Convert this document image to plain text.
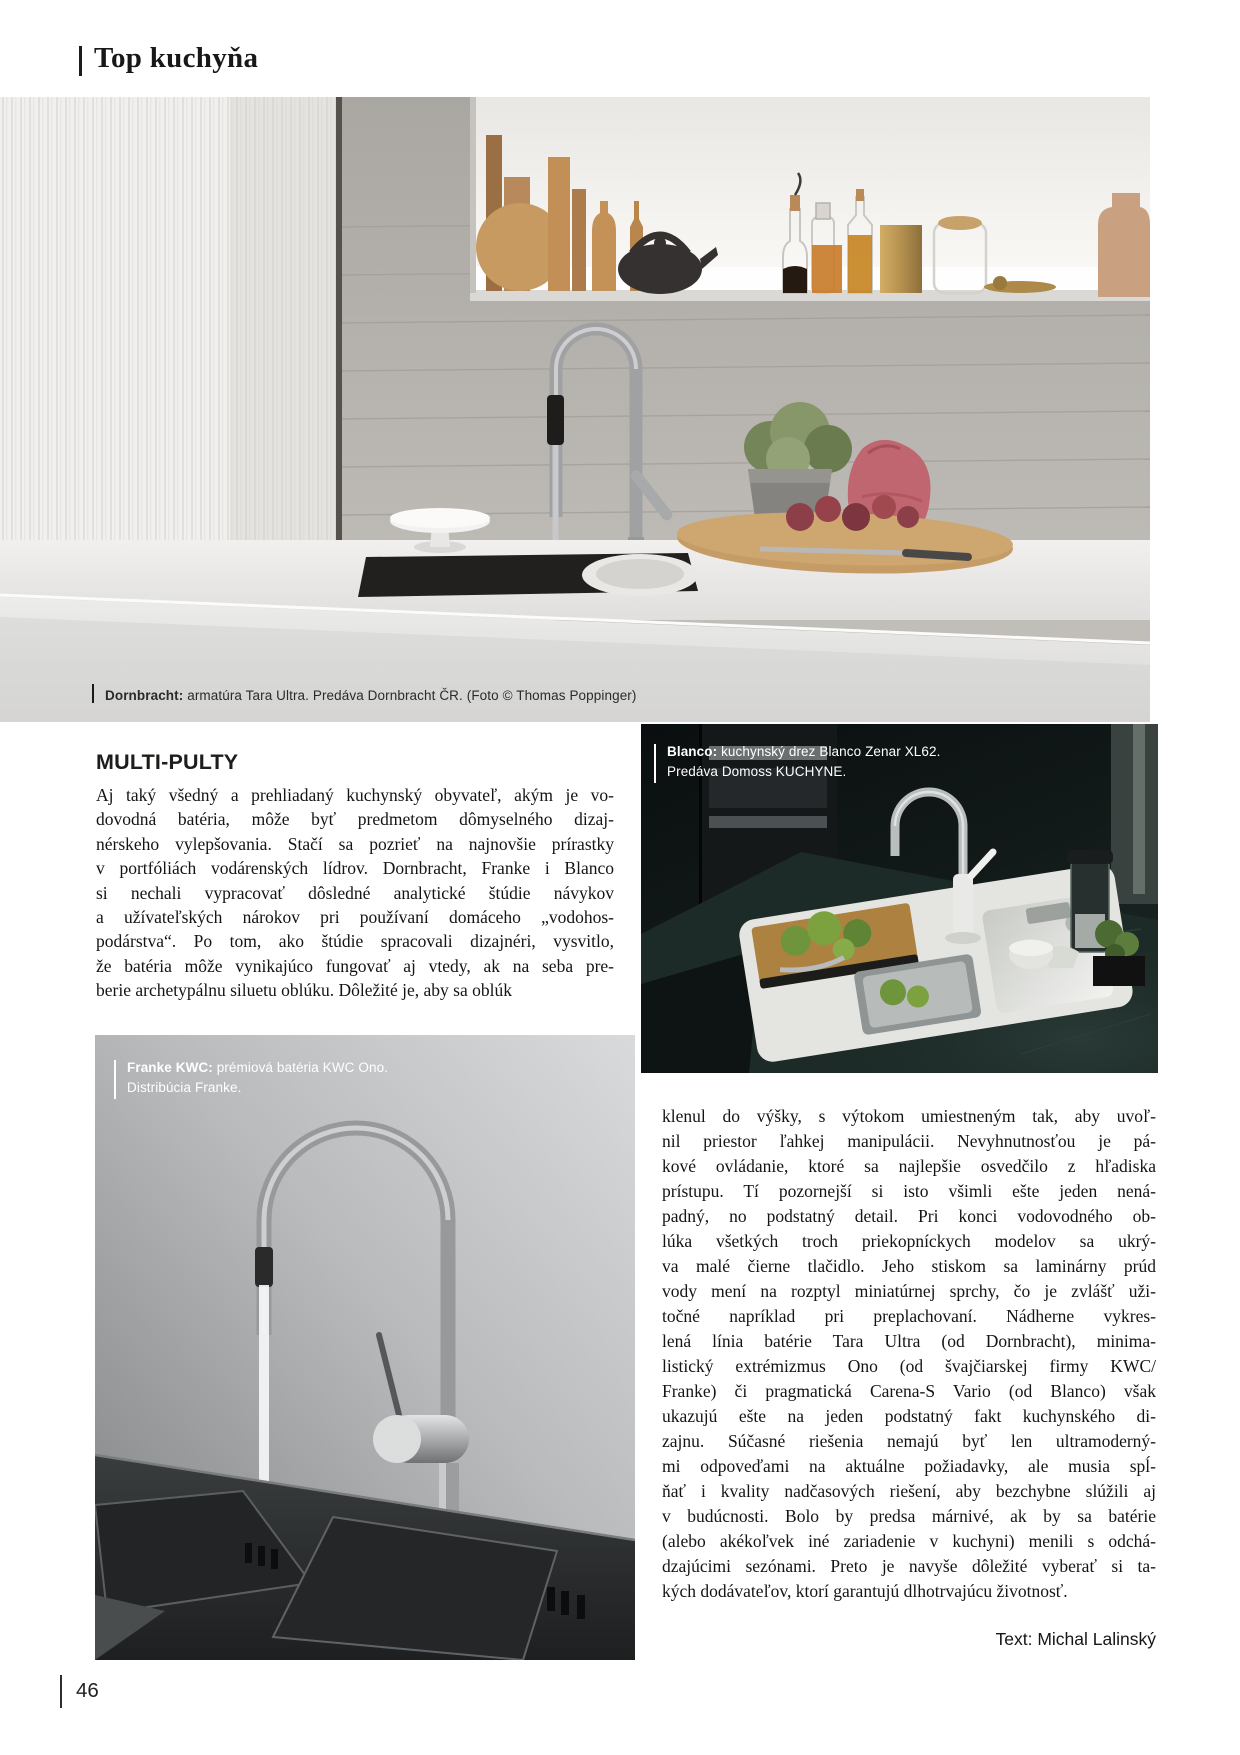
Top kuchyňa
Dornbracht: armatúra Tara Ultra. Predáva Dornbracht ČR. (Foto © Thomas Poppinger)
Blanco: kuchynský drez Blanco Zenar XL62.
Predáva Domoss KUCHYNE.
MULTI-PULTY
Aj taký všedný a prehliadaný kuchynský obyvateľ, akým je vo-
dovodná batéria, môže byť predmetom dômyselného dizaj-
nérskeho vylepšovania. Stačí sa pozrieť na najnovšie prírastky
v portfóliách vodárenských lídrov. Dornbracht, Franke i Blanco
si nechali vypracovať dôsledné analytické štúdie návykov
a užívateľských nárokov pri používaní domáceho „vodohos-
podárstva“. Po tom, ako štúdie spracovali dizajnéri, vysvitlo,
že batéria môže vynikajúco fungovať aj vtedy, ak na seba pre-
berie archetypálnu siluetu oblúku. Dôležité je, aby sa oblúk
Franke KWC: prémiová batéria KWC Ono.
Distribúcia Franke.
klenul do výšky, s výtokom umiestneným tak, aby uvoľ-
nil priestor ľahkej manipulácii. Nevyhnutnosťou je pá-
kové ovládanie, ktoré sa najlepšie osvedčilo z hľadiska
prístupu. Tí pozornejší si isto všimli ešte jeden nená-
padný, no podstatný detail. Pri konci vodovodného ob-
lúka všetkých troch priekopníckych modelov sa ukrý-
va malé čierne tlačidlo. Jeho stiskom sa laminárny prúd
vody mení na rozptyl miniatúrnej sprchy, čo je zvlášť uži-
točné napríklad pri preplachovaní. Nádherne vykres-
lená línia batérie Tara Ultra (od Dornbracht), minima-
listický extrémizmus Ono (od švajčiarskej firmy KWC/
Franke) či pragmatická Carena-S Vario (od Blanco) však
ukazujú ešte na jeden podstatný fakt kuchynského di-
zajnu. Súčasné riešenia nemajú byť len ultramoderný-
mi odpoveďami na aktuálne požiadavky, ale musia spĺ-
ňať i kvality nadčasových riešení, aby bezchybne slúžili aj
v budúcnosti. Bolo by predsa márnivé, ak by sa batérie
(alebo akékoľvek iné zariadenie v kuchyni) menili s odchá-
dzajúcimi sezónami. Preto je navyše dôležité vyberať si ta-
kých dodávateľov, ktorí garantujú dlhotrvajúcu životnosť.
Text: Michal Lalinský
46
